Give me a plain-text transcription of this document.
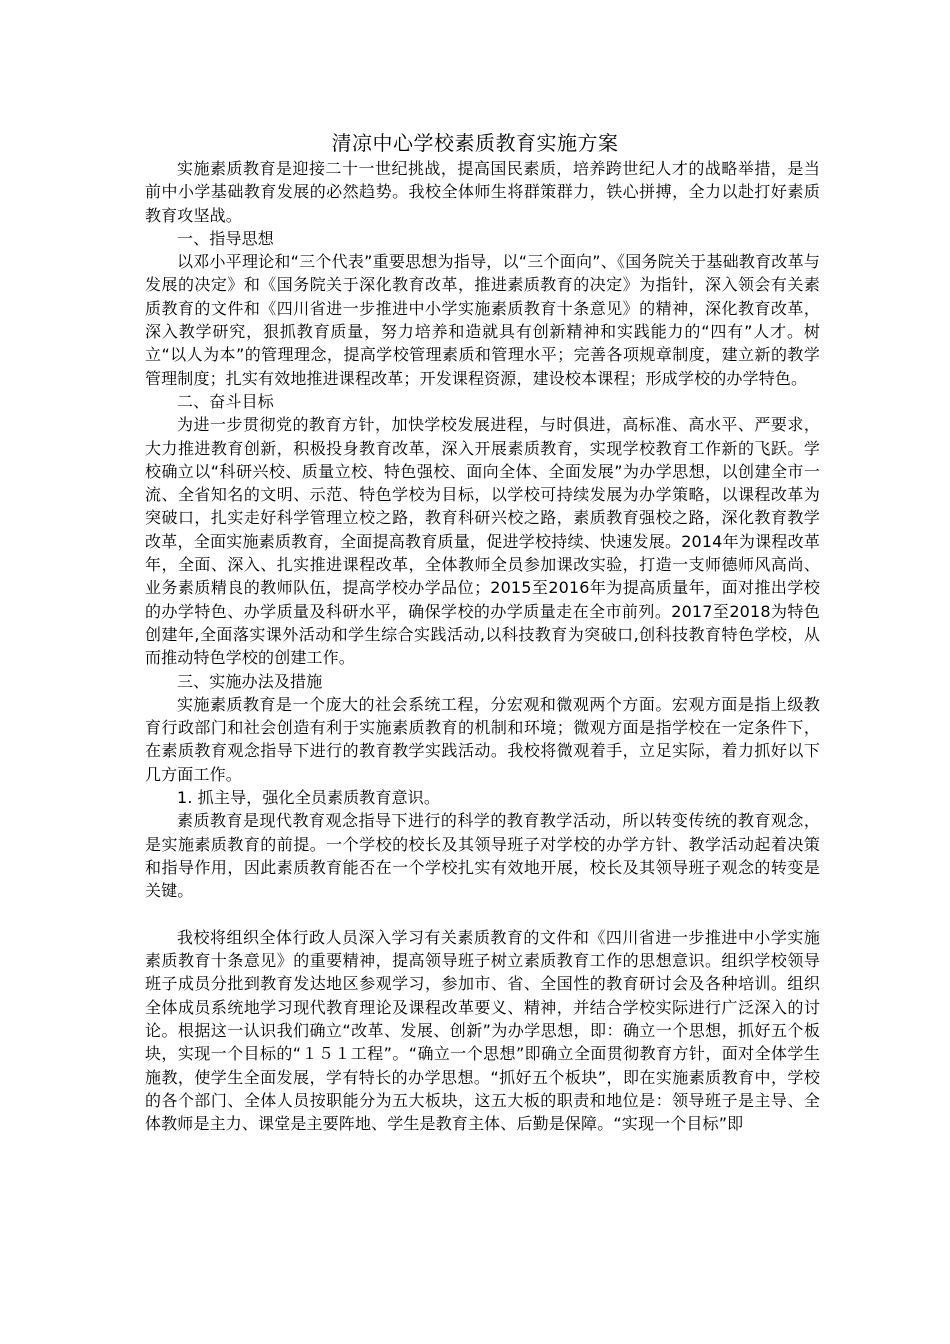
清凉中心学校素质教育实施方案

实施素质教育是迎接二十一世纪挑战，提高国民素质，培养跨世纪人才的战略举措，是当前中小学基础教育发展的必然趋势。我校全体师生将群策群力，铁心拼搏，全力以赴打好素质教育攻坚战。

一、指导思想

以邓小平理论和“三个代表”重要思想为指导，以“三个面向”、《国务院关于基础教育改革与发展的决定》和《国务院关于深化教育改革，推进素质教育的决定》为指针，深入领会有关素质教育的文件和《四川省进一步推进中小学实施素质教育十条意见》的精神，深化教育改革，深入教学研究，狠抓教育质量，努力培养和造就具有创新精神和实践能力的“四有”人才。树立“以人为本”的管理理念，提高学校管理素质和管理水平；完善各项规章制度，建立新的教学管理制度；扎实有效地推进课程改革；开发课程资源，建设校本课程；形成学校的办学特色。

二、奋斗目标

为进一步贯彻党的教育方针，加快学校发展进程，与时俱进，高标准、高水平、严要求，大力推进教育创新，积极投身教育改革，深入开展素质教育，实现学校教育工作新的飞跃。学校确立以“科研兴校、质量立校、特色强校、面向全体、全面发展”为办学思想，以创建全市一流、全省知名的文明、示范、特色学校为目标，以学校可持续发展为办学策略，以课程改革为突破口，扎实走好科学管理立校之路，教育科研兴校之路，素质教育强校之路，深化教育教学改革，全面实施素质教育，全面提高教育质量，促进学校持续、快速发展。2014年为课程改革年，全面、深入、扎实推进课程改革，全体教师全员参加课改实验，打造一支师德师风高尚、业务素质精良的教师队伍，提高学校办学品位；2015至2016年为提高质量年，面对推出学校的办学特色、办学质量及科研水平，确保学校的办学质量走在全市前列。2017至2018为特色创建年,全面落实课外活动和学生综合实践活动,以科技教育为突破口,创科技教育特色学校，从而推动特色学校的创建工作。

三、实施办法及措施

实施素质教育是一个庞大的社会系统工程，分宏观和微观两个方面。宏观方面是指上级教育行政部门和社会创造有利于实施素质教育的机制和环境；微观方面是指学校在一定条件下，在素质教育观念指导下进行的教育教学实践活动。我校将微观着手，立足实际，着力抓好以下几方面工作。

1. 抓主导，强化全员素质教育意识。

素质教育是现代教育观念指导下进行的科学的教育教学活动，所以转变传统的教育观念，是实施素质教育的前提。一个学校的校长及其领导班子对学校的办学方针、教学活动起着决策和指导作用，因此素质教育能否在一个学校扎实有效地开展，校长及其领导班子观念的转变是关键。

我校将组织全体行政人员深入学习有关素质教育的文件和《四川省进一步推进中小学实施素质教育十条意见》的重要精神，提高领导班子树立素质教育工作的思想意识。组织学校领导班子成员分批到教育发达地区参观学习，参加市、省、全国性的教育研讨会及各种培训。组织全体成员系统地学习现代教育理论及课程改革要义、精神，并结合学校实际进行广泛深入的讨论。根据这一认识我们确立“改革、发展、创新”为办学思想，即：确立一个思想，抓好五个板块，实现一个目标的“１５１工程”。“确立一个思想”即确立全面贯彻教育方针，面对全体学生施教，使学生全面发展，学有特长的办学思想。“抓好五个板块”，即在实施素质教育中，学校的各个部门、全体人员按职能分为五大板块，这五大板的职责和地位是：领导班子是主导、全体教师是主力、课堂是主要阵地、学生是教育主体、后勤是保障。“实现一个目标”即
